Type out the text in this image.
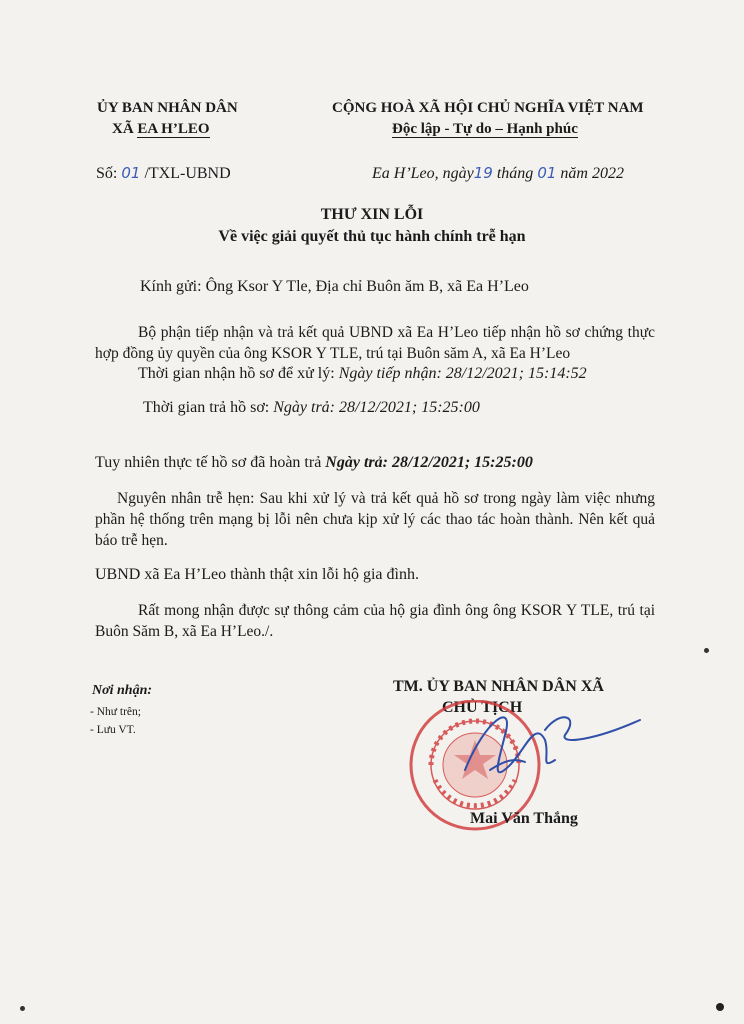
ỦY BAN NHÂN DÂN
XÃ EA H’LEO
CỘNG HOÀ XÃ HỘI CHỦ NGHĨA VIỆT NAM
Độc lập - Tự do – Hạnh phúc
Số: 01 /TXL-UBND	Ea H’Leo, ngày19 tháng 01 năm 2022
THƯ XIN LỖI
Về việc giải quyết thủ tục hành chính trễ hạn
Kính gửi: Ông Ksor Y Tle, Địa chỉ Buôn ăm B, xã Ea H’Leo
Bộ phận tiếp nhận và trả kết quả UBND xã Ea H’Leo tiếp nhận hồ sơ chứng thực hợp đồng ủy quyền của ông KSOR Y TLE, trú tại Buôn săm A, xã Ea H’Leo
Thời gian nhận hồ sơ để xử lý: Ngày tiếp nhận: 28/12/2021; 15:14:52
Thời gian trả hồ sơ: Ngày trả: 28/12/2021; 15:25:00
Tuy nhiên thực tế hồ sơ đã hoàn trả Ngày trả: 28/12/2021; 15:25:00
Nguyên nhân trễ hẹn: Sau khi xử lý và trả kết quả hồ sơ trong ngày làm việc nhưng phần hệ thống trên mạng bị lỗi nên chưa kịp xử lý các thao tác hoàn thành. Nên kết quả báo trễ hẹn.
UBND xã Ea H’Leo thành thật xin lỗi hộ gia đình.
Rất mong nhận được sự thông cảm của hộ gia đình ông ông KSOR Y TLE, trú tại Buôn Săm B, xã Ea H’Leo./.
Nơi nhận:
- Như trên;
- Lưu VT.
TM. ỦY BAN NHÂN DÂN XÃ
CHỦ TỊCH
Mai Văn Thắng
